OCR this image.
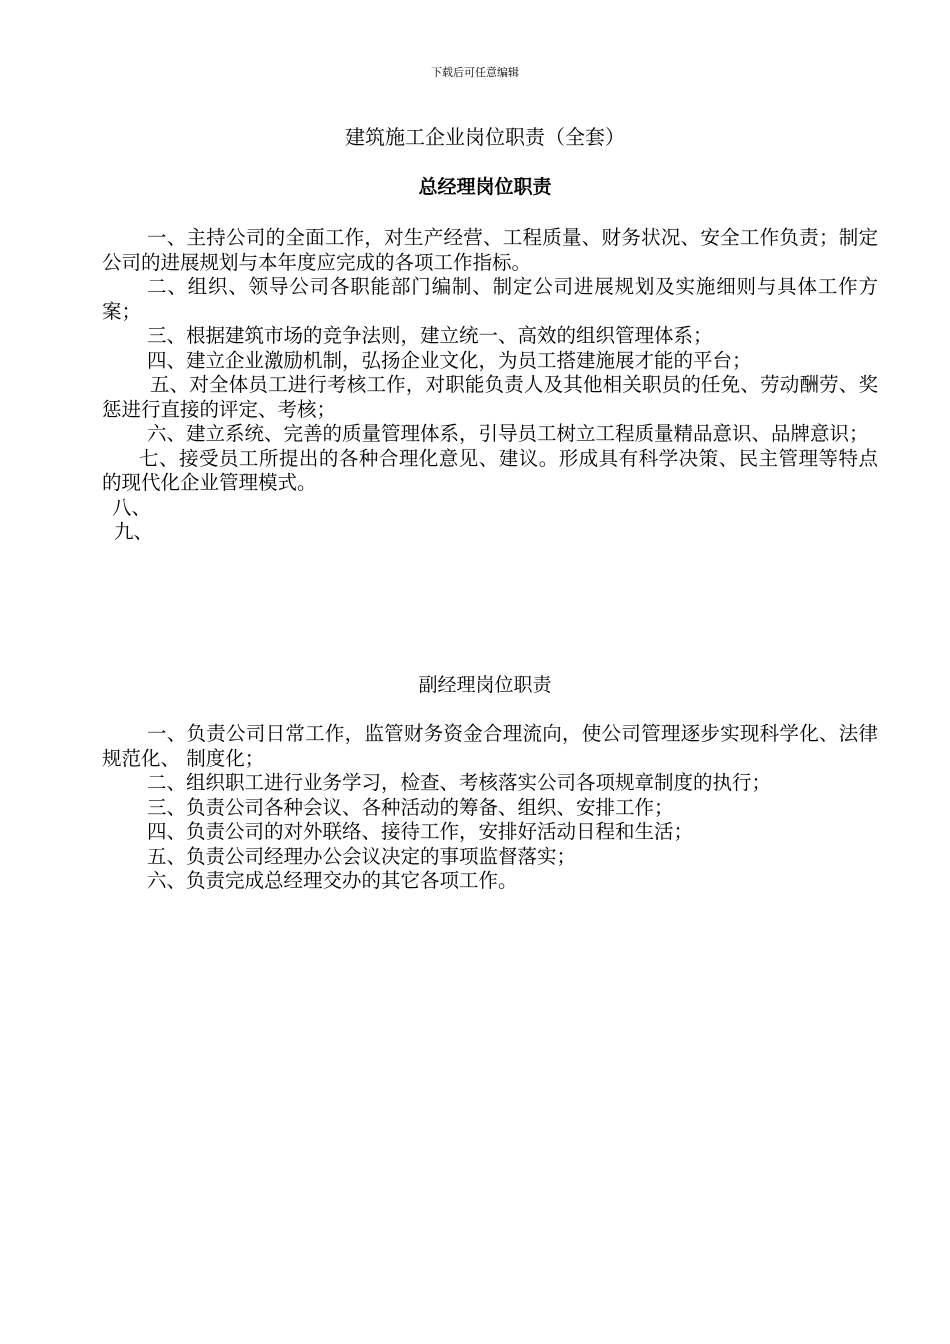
下载后可任意编辑
建筑施工企业岗位职责（全套）
总经理岗位职责

一、主持公司的全面工作，对生产经营、工程质量、财务状况、安全工作负责；制定公司的进展规划与本年度应完成的各项工作指标。

二、组织、领导公司各职能部门编制、制定公司进展规划及实施细则与具体工作方案；

三、根据建筑市场的竞争法则，建立统一、高效的组织管理体系；

四、建立企业激励机制，弘扬企业文化，为员工搭建施展才能的平台；

五、对全体员工进行考核工作，对职能负责人及其他相关职员的任免、劳动酬劳、奖惩进行直接的评定、考核；

六、建立系统、完善的质量管理体系，引导员工树立工程质量精品意识、品牌意识；

七、接受员工所提出的各种合理化意见、建议。形成具有科学决策、民主管理等特点的现代化企业管理模式。

八、

九、

副经理岗位职责

一、负责公司日常工作，监管财务资金合理流向，使公司管理逐步实现科学化、法律规范化、 制度化；

二、组织职工进行业务学习，检查、考核落实公司各项规章制度的执行；

三、负责公司各种会议、各种活动的筹备、组织、安排工作；

四、负责公司的对外联络、接待工作，安排好活动日程和生活；

五、负责公司经理办公会议决定的事项监督落实；

六、负责完成总经理交办的其它各项工作。
